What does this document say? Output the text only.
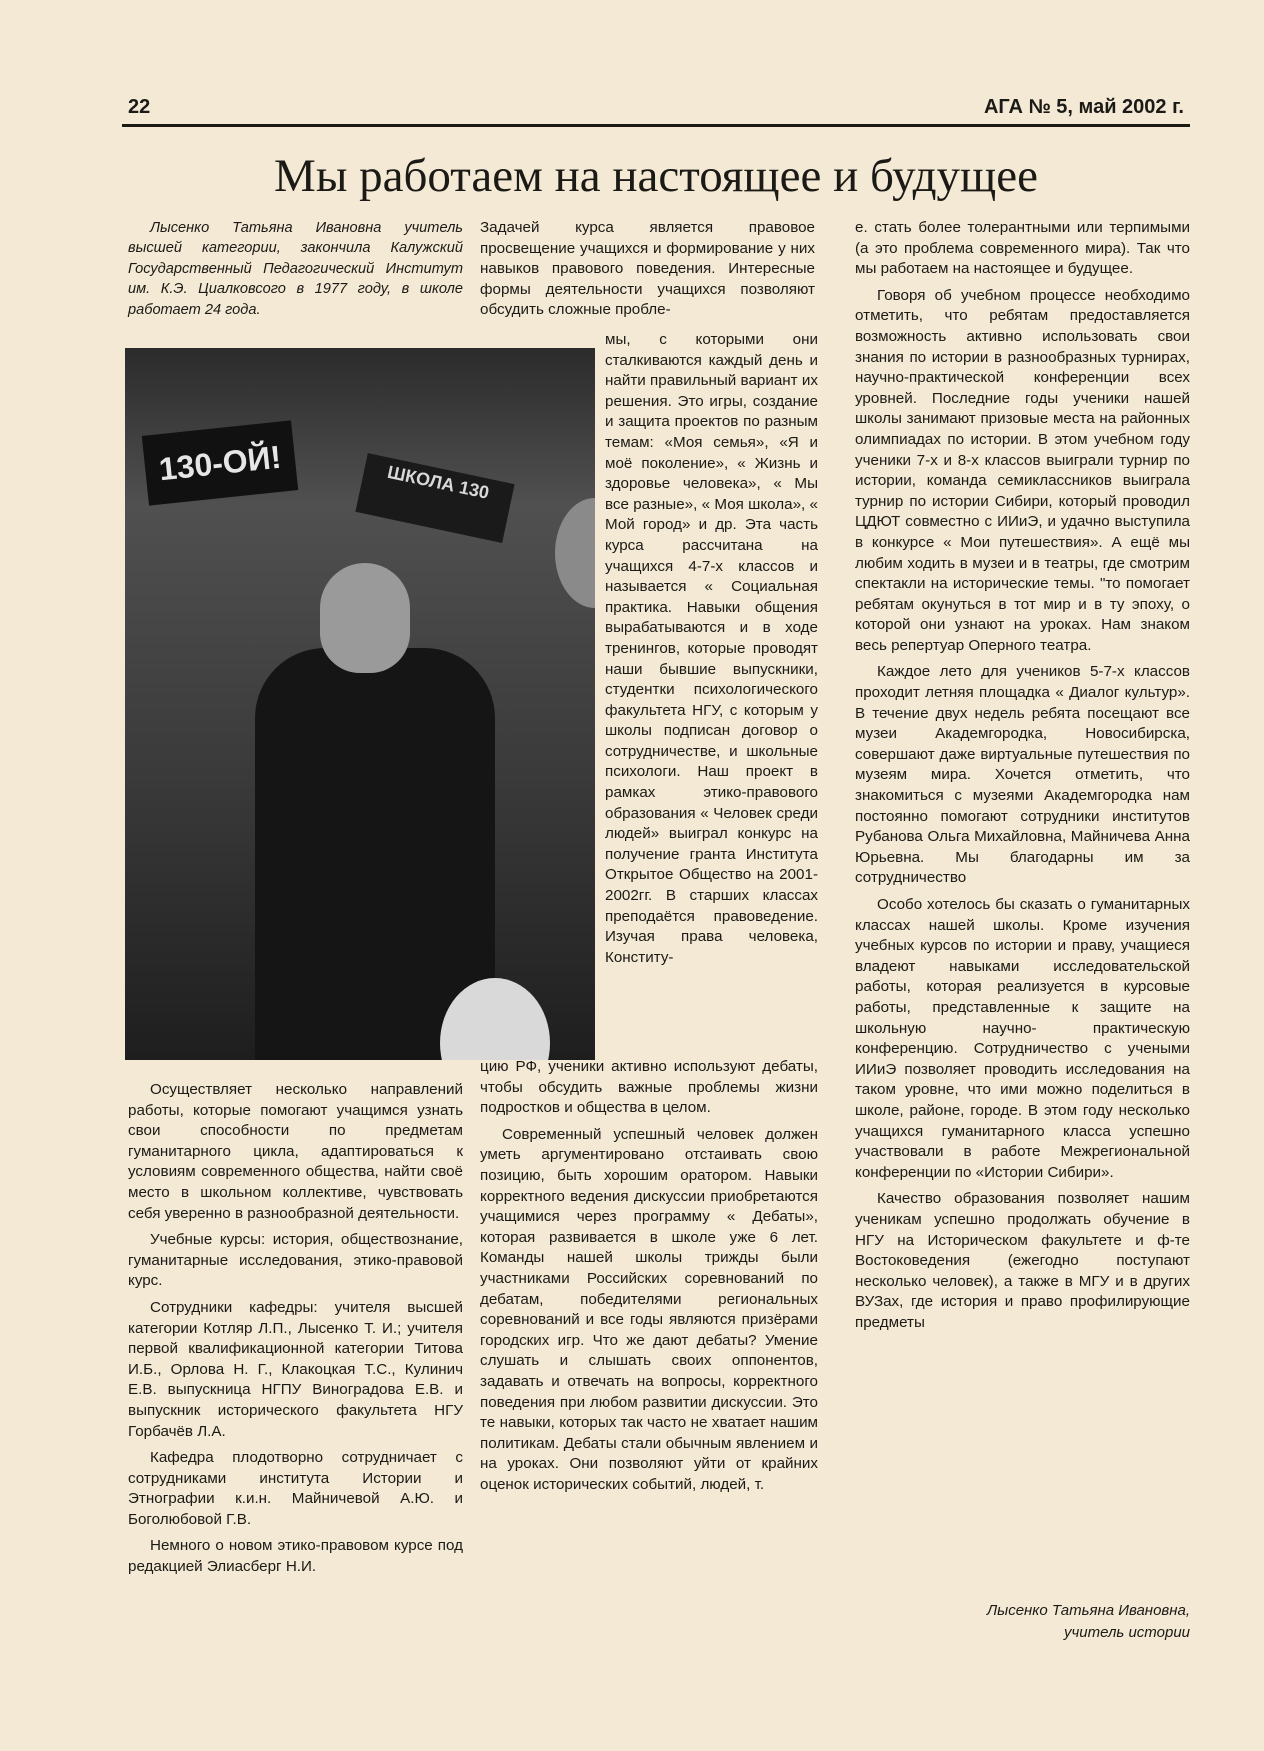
22	АГА № 5, май 2002 г.
Мы работаем на настоящее и будущее

Лысенко Татьяна Ивановна учитель высшей категории, закончила Калужский Государственный Педагогический Институт им. К.Э. Циалковсого в 1977 году, в школе работает 24 года.

130-ОЙ!	ШКОЛА 130

Осуществляет несколько направлений работы, которые помогают учащимся узнать свои способности по предметам гуманитарного цикла, адаптироваться к условиям современного общества, найти своё место в школьном коллективе, чувствовать себя уверенно в разнообразной деятельности.

Учебные курсы: история, обществознание, гуманитарные исследования, этико-правовой курс.

Сотрудники кафедры: учителя высшей категории Котляр Л.П., Лысенко Т. И.; учителя первой квалификационной категории Титова И.Б., Орлова Н. Г., Клакоцкая Т.С., Кулинич Е.В. выпускница НГПУ Виноградова Е.В. и выпускник исторического факультета НГУ Горбачёв Л.А.

Кафедра плодотворно сотрудничает с сотрудниками института Истории и Этнографии к.и.н. Майничевой А.Ю. и Боголюбовой Г.В.

Немного о новом этико-правовом курсе под редакцией Элиасберг Н.И.

Задачей курса является правовое просвещение учащихся и формирование у них навыков правового поведения. Интересные формы деятельности учащихся позволяют обсудить сложные пробле-

мы, с которыми они сталкиваются каждый день и найти правильный вариант их решения. Это игры, создание и защита проектов по разным темам: «Моя семья», «Я и моё поколение», « Жизнь и здоровье человека», « Мы все разные», « Моя школа», « Мой город» и др. Эта часть курса рассчитана на учащихся 4-7-х классов и называется « Социальная практика. Навыки общения вырабатываются и в ходе тренингов, которые проводят наши бывшие выпускники, студентки психологического факультета НГУ, с которым у школы подписан договор о сотрудничестве, и школьные психологи. Наш проект в рамках этико-правового образования « Человек среди людей» выиграл конкурс на получение гранта Института Открытое Общество на 2001-2002гг. В старших классах преподаётся правоведение. Изучая права человека, Конститу-

цию РФ, ученики активно используют дебаты, чтобы обсудить важные проблемы жизни подростков и общества в целом.

Современный успешный человек должен уметь аргументировано отстаивать свою позицию, быть хорошим оратором. Навыки корректного ведения дискуссии приобретаются учащимися через программу « Дебаты», которая развивается в школе уже 6 лет. Команды нашей школы трижды были участниками Российских соревнований по дебатам, победителями региональных соревнований и все годы являются призёрами городских игр. Что же дают дебаты? Умение слушать и слышать своих оппонентов, задавать и отвечать на вопросы, корректного поведения при любом развитии дискуссии. Это те навыки, которых так часто не хватает нашим политикам. Дебаты стали обычным явлением и на уроках. Они позволяют уйти от крайних оценок исторических событий, людей, т.

е. стать более толерантными или терпимыми (а это проблема современного мира). Так что мы работаем на настоящее и будущее.

Говоря об учебном процессе необходимо отметить, что ребятам предоставляется возможность активно использовать свои знания по истории в разнообразных турнирах, научно-практической конференции всех уровней. Последние годы ученики нашей школы занимают призовые места на районных олимпиадах по истории. В этом учебном году ученики 7-х и 8-х классов выиграли турнир по истории, команда семиклассников выиграла турнир по истории Сибири, который проводил ЦДЮТ совместно с ИИиЭ, и удачно выступила в конкурсе « Мои путешествия». А ещё мы любим ходить в музеи и в театры, где смотрим спектакли на исторические темы. "то помогает ребятам окунуться в тот мир и в ту эпоху, о которой они узнают на уроках. Нам знаком весь репертуар Оперного театра.

Каждое лето для учеников 5-7-х классов проходит летняя площадка « Диалог культур». В течение двух недель ребята посещают все музеи Академгородка, Новосибирска, совершают даже виртуальные путешествия по музеям мира. Хочется отметить, что знакомиться с музеями Академгородка нам постоянно помогают сотрудники институтов Рубанова Ольга Михайловна, Майничева Анна Юрьевна. Мы благодарны им за сотрудничество

Особо хотелось бы сказать о гуманитарных классах нашей школы. Кроме изучения учебных курсов по истории и праву, учащиеся владеют навыками исследовательской работы, которая реализуется в курсовые работы, представленные к защите на школьную научно- практическую конференцию. Сотрудничество с учеными ИИиЭ позволяет проводить исследования на таком уровне, что ими можно поделиться в школе, районе, городе. В этом году несколько учащихся гуманитарного класса успешно участвовали в работе Межрегиональной конференции по «Истории Сибири».

Качество образования позволяет нашим ученикам успешно продолжать обучение в НГУ на Историческом факультете и ф-те Востоковедения (ежегодно поступают несколько человек), а также в МГУ и в других ВУЗах, где история и право профилирующие предметы

Лысенко Татьяна Ивановна,
учитель истории
